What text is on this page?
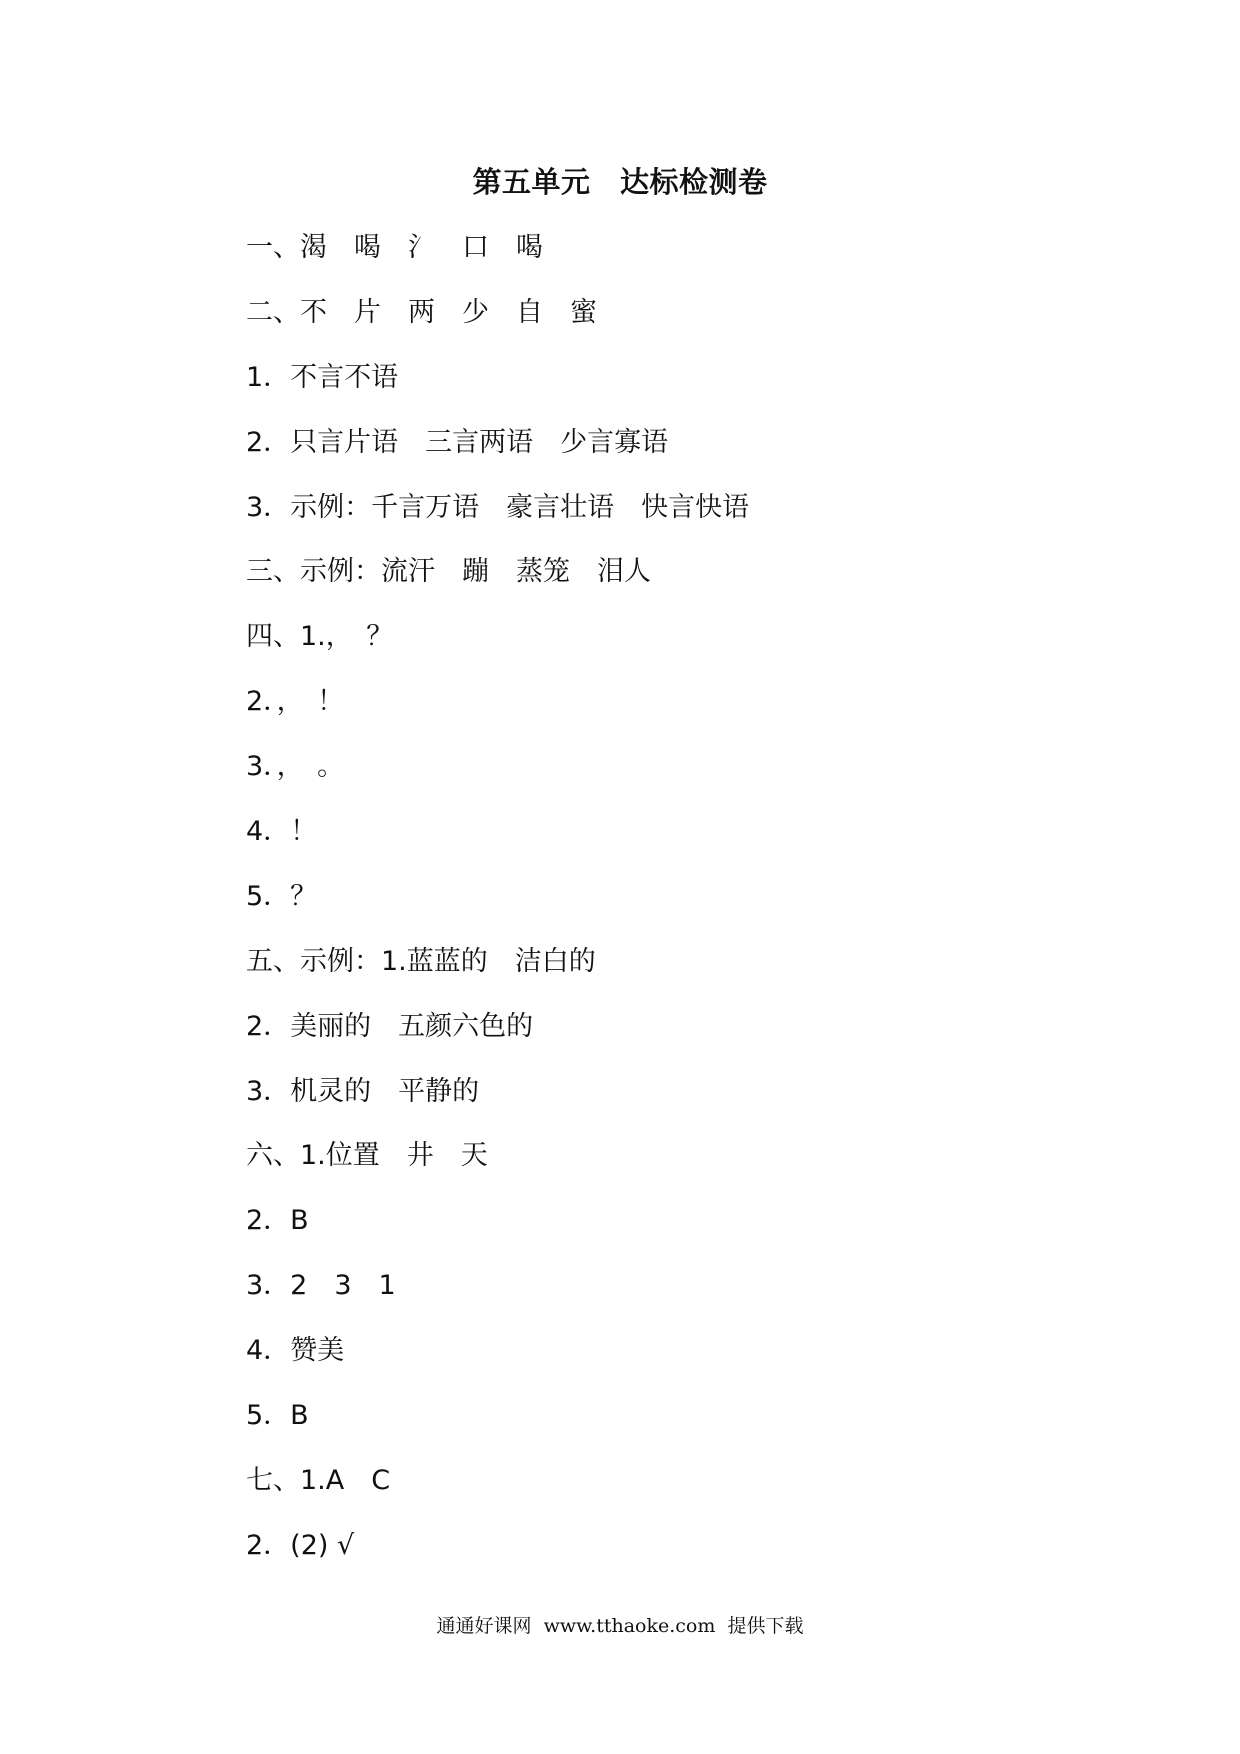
第五单元　达标检测卷
一、渴　喝　氵　口　喝
二、不　片　两　少　自　蜜
1．不言不语
2．只言片语　三言两语　少言寡语
3．示例：千言万语　豪言壮语　快言快语
三、示例：流汗　蹦　蒸笼　泪人
四、1.，　？
2．，　！
3．，　。
4．！
5．？
五、示例：1.蓝蓝的　洁白的
2．美丽的　五颜六色的
3．机灵的　平静的
六、1.位置　井　天
2．B
3．2　3　1
4．赞美
5．B
七、1.A　C
2．(2) √
通通好课网  www.tthaoke.com  提供下载
